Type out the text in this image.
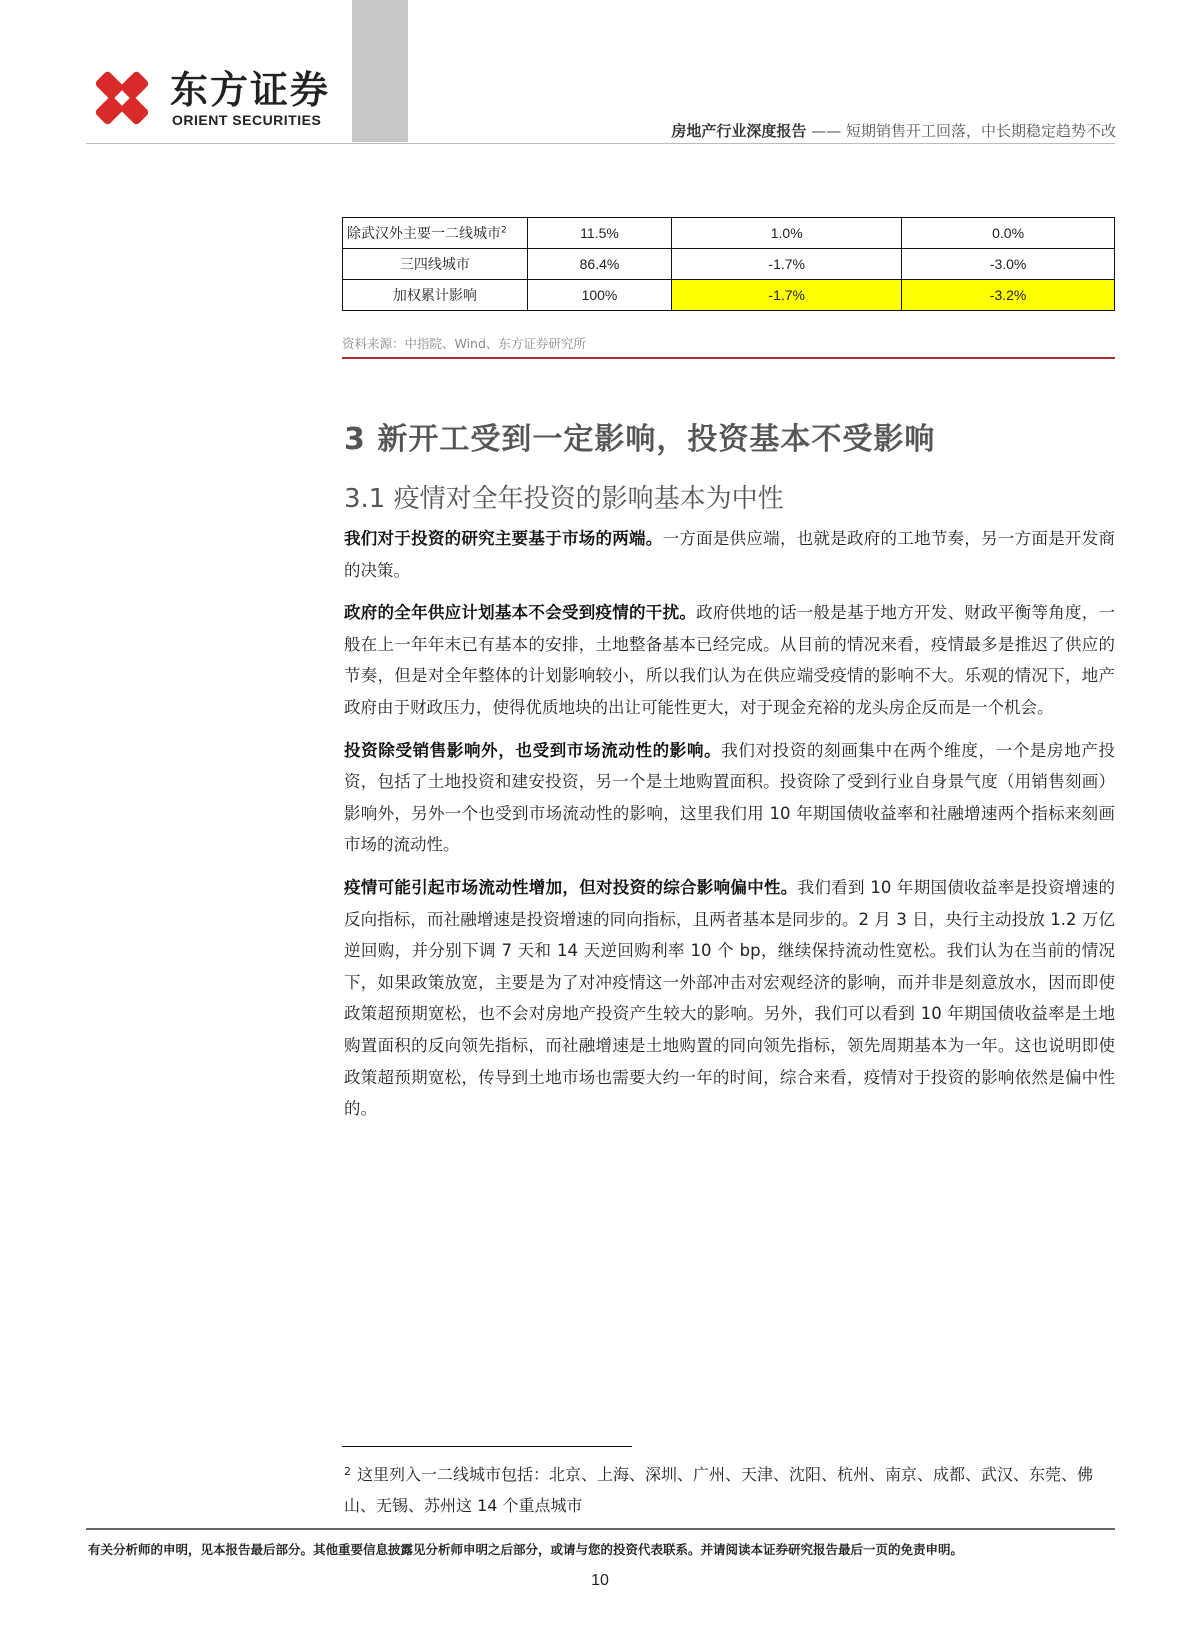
东方证券
ORIENT SECURITIES
房地产行业深度报告 —— 短期销售开工回落，中长期稳定趋势不改
除武汉外主要一二线城市$^2$	11.5%	1.0%	0.0%
三四线城市	86.4%	-1.7%	-3.0%
加权累计影响	100%	-1.7%	-3.2%
资料来源：中指院、Wind、东方证券研究所
3 新开工受到一定影响，投资基本不受影响
3.1 疫情对全年投资的影响基本为中性

我们对于投资的研究主要基于市场的两端。一方面是供应端，也就是政府的工地节奏，另一方面是开发商的决策。

政府的全年供应计划基本不会受到疫情的干扰。政府供地的话一般是基于地方开发、财政平衡等角度，一般在上一年年末已有基本的安排，土地整备基本已经完成。从目前的情况来看，疫情最多是推迟了供应的节奏，但是对全年整体的计划影响较小，所以我们认为在供应端受疫情的影响不大。乐观的情况下，地产政府由于财政压力，使得优质地块的出让可能性更大，对于现金充裕的龙头房企反而是一个机会。

投资除受销售影响外，也受到市场流动性的影响。我们对投资的刻画集中在两个维度，一个是房地产投资，包括了土地投资和建安投资，另一个是土地购置面积。投资除了受到行业自身景气度（用销售刻画）影响外，另外一个也受到市场流动性的影响，这里我们用 10 年期国债收益率和社融增速两个指标来刻画市场的流动性。

疫情可能引起市场流动性增加，但对投资的综合影响偏中性。我们看到 10 年期国债收益率是投资增速的反向指标，而社融增速是投资增速的同向指标，且两者基本是同步的。2 月 3 日，央行主动投放 1.2 万亿逆回购，并分别下调 7 天和 14 天逆回购利率 10 个 bp，继续保持流动性宽松。我们认为在当前的情况下，如果政策放宽，主要是为了对冲疫情这一外部冲击对宏观经济的影响，而并非是刻意放水，因而即使政策超预期宽松，也不会对房地产投资产生较大的影响。另外，我们可以看到 10 年期国债收益率是土地购置面积的反向领先指标，而社融增速是土地购置的同向领先指标，领先周期基本为一年。这也说明即使政策超预期宽松，传导到土地市场也需要大约一年的时间，综合来看，疫情对于投资的影响依然是偏中性的。

$^2$ 这里列入一二线城市包括：北京、上海、深圳、广州、天津、沈阳、杭州、南京、成都、武汉、东莞、佛山、无锡、苏州这 14 个重点城市
有关分析师的申明，见本报告最后部分。其他重要信息披露见分析师申明之后部分，或请与您的投资代表联系。并请阅读本证券研究报告最后一页的免责申明。
10
